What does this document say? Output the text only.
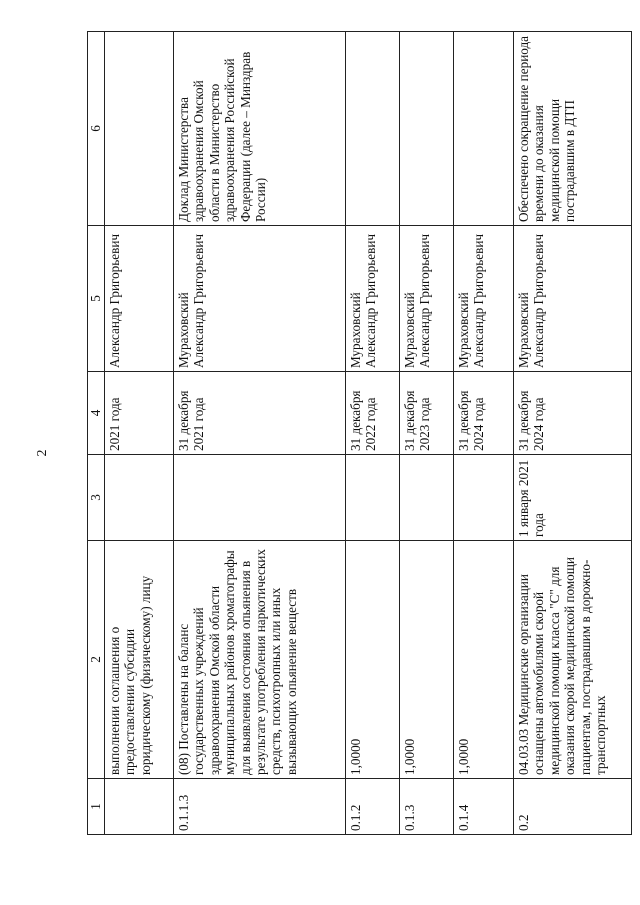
2
1	2	3	4	5	6
	выполнении соглашения о предоставлении субсидии юридическому (физическому) лицу		2021 года	Александр Григорьевич	
0.1.1.3	(08) Поставлены на баланс государственных учреждений здравоохранения Омской области муниципальных районов хроматографы для выявления состояния опьянения в результате употребления наркотических средств, психотропных или иных вызывающих опьянение веществ		31 декабря 2021 года	Мураховский Александр Григорьевич	Доклад Министерства здравоохранения Омской области в Министерство здравоохранения Российской Федерации (далее – Минздрав России)
0.1.2	1,0000		31 декабря 2022 года	Мураховский Александр Григорьевич	
0.1.3	1,0000		31 декабря 2023 года	Мураховский Александр Григорьевич	
0.1.4	1,0000		31 декабря 2024 года	Мураховский Александр Григорьевич	
0.2	04.03.03 Медицинские организации оснащены автомобилями скорой медицинской помощи класса "С" для оказания скорой медицинской помощи пациентам, пострадавшим в дорожно-транспортных	1 января 2021 года	31 декабря 2024 года	Мураховский Александр Григорьевич	Обеспечено сокращение периода времени до оказания медицинской помощи пострадавшим в ДТП
